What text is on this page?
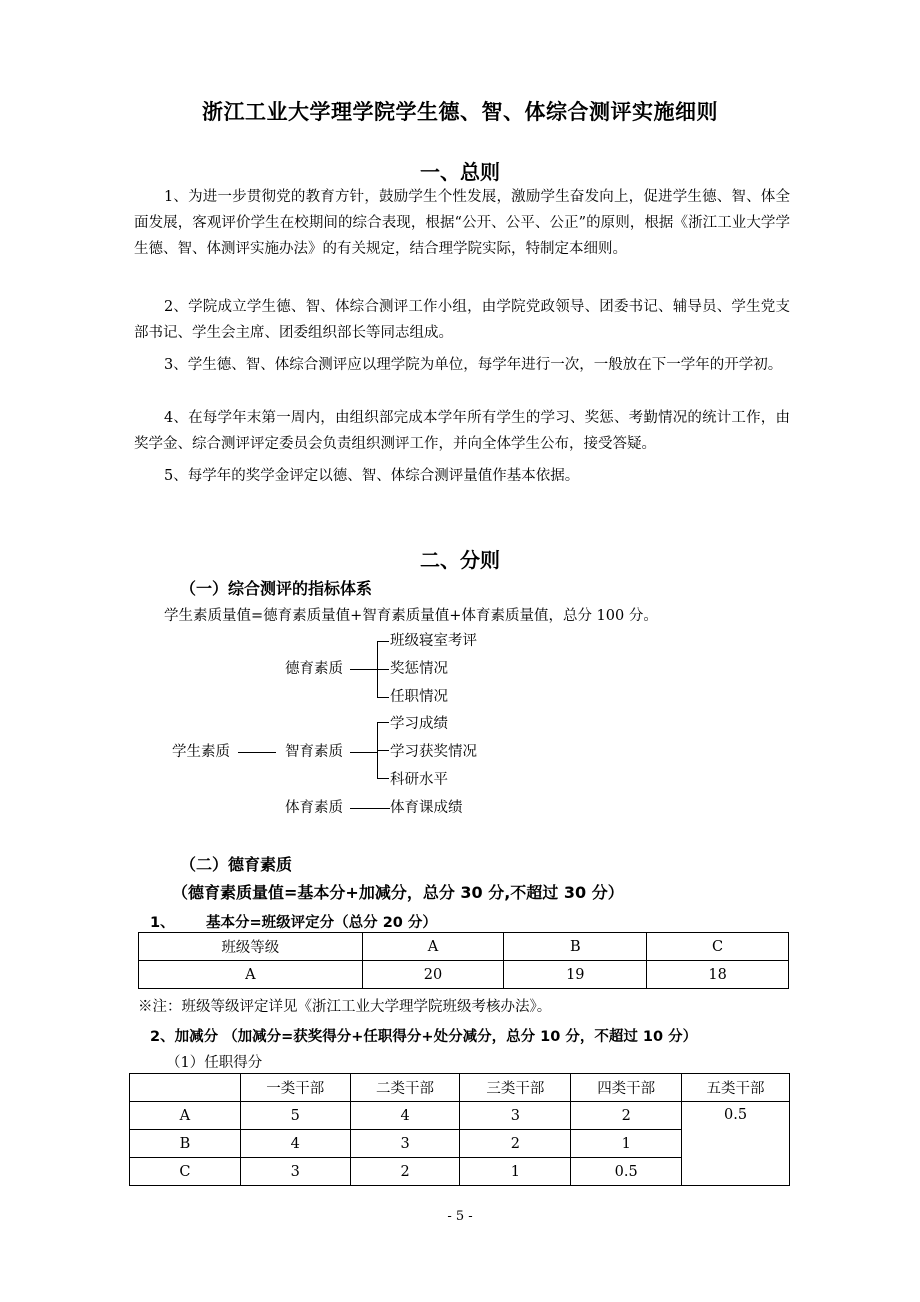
浙江工业大学理学院学生德、智、体综合测评实施细则
一、总则
1、为进一步贯彻党的教育方针，鼓励学生个性发展，激励学生奋发向上，促进学生德、智、体全面发展，客观评价学生在校期间的综合表现，根据“公开、公平、公正”的原则，根据《浙江工业大学学生德、智、体测评实施办法》的有关规定，结合理学院实际，特制定本细则。
2、学院成立学生德、智、体综合测评工作小组，由学院党政领导、团委书记、辅导员、学生党支部书记、学生会主席、团委组织部长等同志组成。
3、学生德、智、体综合测评应以理学院为单位，每学年进行一次，一般放在下一学年的开学初。
4、在每学年末第一周内，由组织部完成本学年所有学生的学习、奖惩、考勤情况的统计工作，由奖学金、综合测评评定委员会负责组织测评工作，并向全体学生公布，接受答疑。
5、每学年的奖学金评定以德、智、体综合测评量值作基本依据。
二、分则
（一）综合测评的指标体系
学生素质量值=德育素质量值+智育素质量值+体育素质量值，总分 100 分。
德育素质
班级寝室考评
奖惩情况
任职情况
学生素质	智育素质
学习成绩
学习获奖情况
科研水平
体育素质	体育课成绩
（二）德育素质
（德育素质量值=基本分+加减分，总分 30 分,不超过 30 分）
1、 基本分=班级评定分（总分 20 分）
班级等级	A	B	C
A	20	19	18
※注：班级等级评定详见《浙江工业大学理学院班级考核办法》。
2、加减分 （加减分=获奖得分+任职得分+处分减分，总分 10 分，不超过 10 分）
（1）任职得分
	一类干部	二类干部	三类干部	四类干部	五类干部
A	5	4	3	2	0.5
B	4	3	2	1	
C	3	2	1	0.5	
- 5 -
